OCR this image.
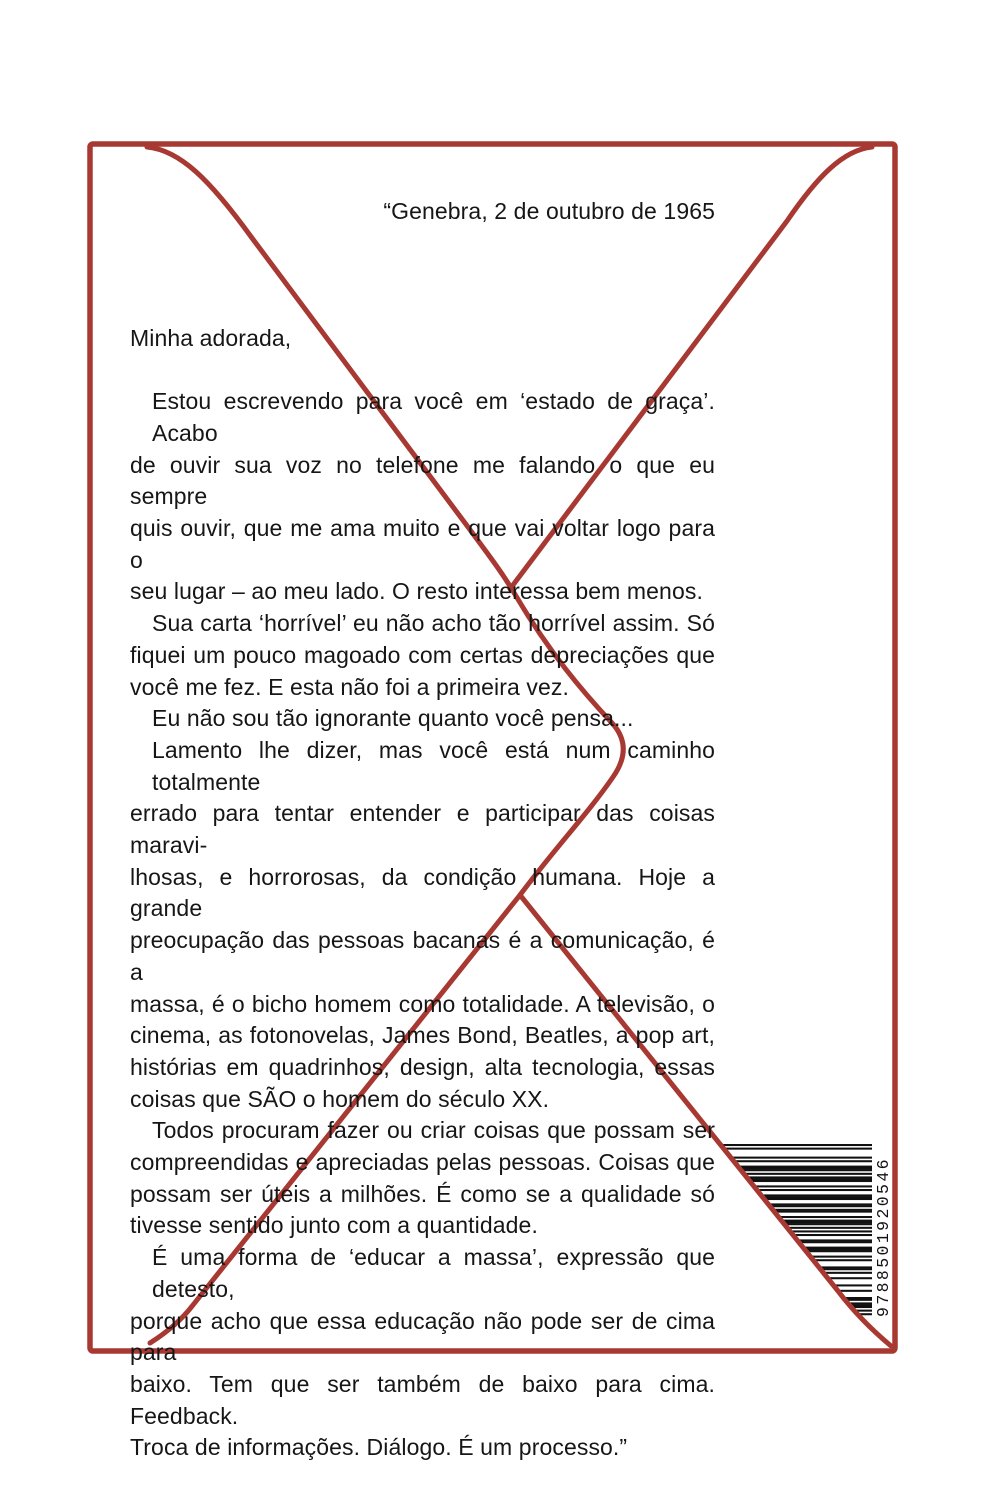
“Genebra, 2 de outubro de 1965
Minha adorada,
Estou escrevendo para você em ‘estado de graça’. Acabo
de ouvir sua voz no telefone me falando o que eu sempre
quis ouvir, que me ama muito e que vai voltar logo para o
seu lugar – ao meu lado. O resto interessa bem menos.
Sua carta ‘horrível’ eu não acho tão horrível assim. Só
fiquei um pouco magoado com certas depreciações que
você me fez. E esta não foi a primeira vez.
Eu não sou tão ignorante quanto você pensa...
Lamento lhe dizer, mas você está num caminho totalmente
errado para tentar entender e participar das coisas maravi-
lhosas, e horrorosas, da condição humana. Hoje a grande
preocupação das pessoas bacanas é a comunicação, é a
massa, é o bicho homem como totalidade. A televisão, o
cinema, as fotonovelas, James Bond, Beatles, a pop art,
histórias em quadrinhos, design, alta tecnologia, essas
coisas que SÃO o homem do século XX.
Todos procuram fazer ou criar coisas que possam ser
compreendidas e apreciadas pelas pessoas. Coisas que
possam ser úteis a milhões. É como se a qualidade só
tivesse sentido junto com a quantidade.
É uma forma de ‘educar a massa’, expressão que detesto,
porque acho que essa educação não pode ser de cima para
baixo. Tem que ser também de baixo para cima. Feedback.
Troca de informações. Diálogo. É um processo.”
9788501920546
